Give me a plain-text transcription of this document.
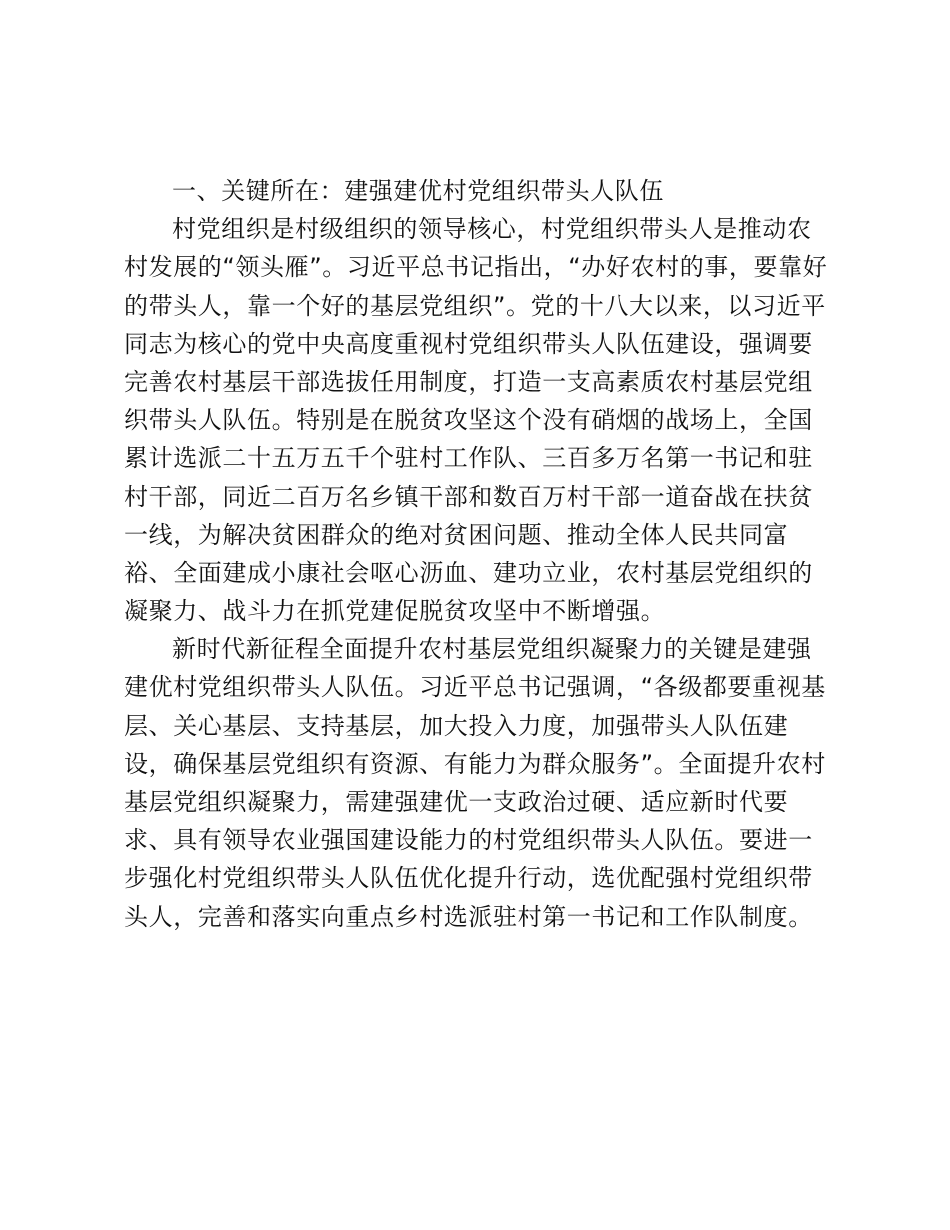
一、关键所在：建强建优村党组织带头人队伍
村党组织是村级组织的领导核心，村党组织带头人是推动农
村发展的“领头雁”。习近平总书记指出，“办好农村的事，要靠好
的带头人，靠一个好的基层党组织”。党的十八大以来，以习近平
同志为核心的党中央高度重视村党组织带头人队伍建设，强调要
完善农村基层干部选拔任用制度，打造一支高素质农村基层党组
织带头人队伍。特别是在脱贫攻坚这个没有硝烟的战场上，全国
累计选派二十五万五千个驻村工作队、三百多万名第一书记和驻
村干部，同近二百万名乡镇干部和数百万村干部一道奋战在扶贫
一线，为解决贫困群众的绝对贫困问题、推动全体人民共同富
裕、全面建成小康社会呕心沥血、建功立业，农村基层党组织的
凝聚力、战斗力在抓党建促脱贫攻坚中不断增强。
新时代新征程全面提升农村基层党组织凝聚力的关键是建强
建优村党组织带头人队伍。习近平总书记强调，“各级都要重视基
层、关心基层、支持基层，加大投入力度，加强带头人队伍建
设，确保基层党组织有资源、有能力为群众服务”。全面提升农村
基层党组织凝聚力，需建强建优一支政治过硬、适应新时代要
求、具有领导农业强国建设能力的村党组织带头人队伍。要进一
步强化村党组织带头人队伍优化提升行动，选优配强村党组织带
头人，完善和落实向重点乡村选派驻村第一书记和工作队制度。
